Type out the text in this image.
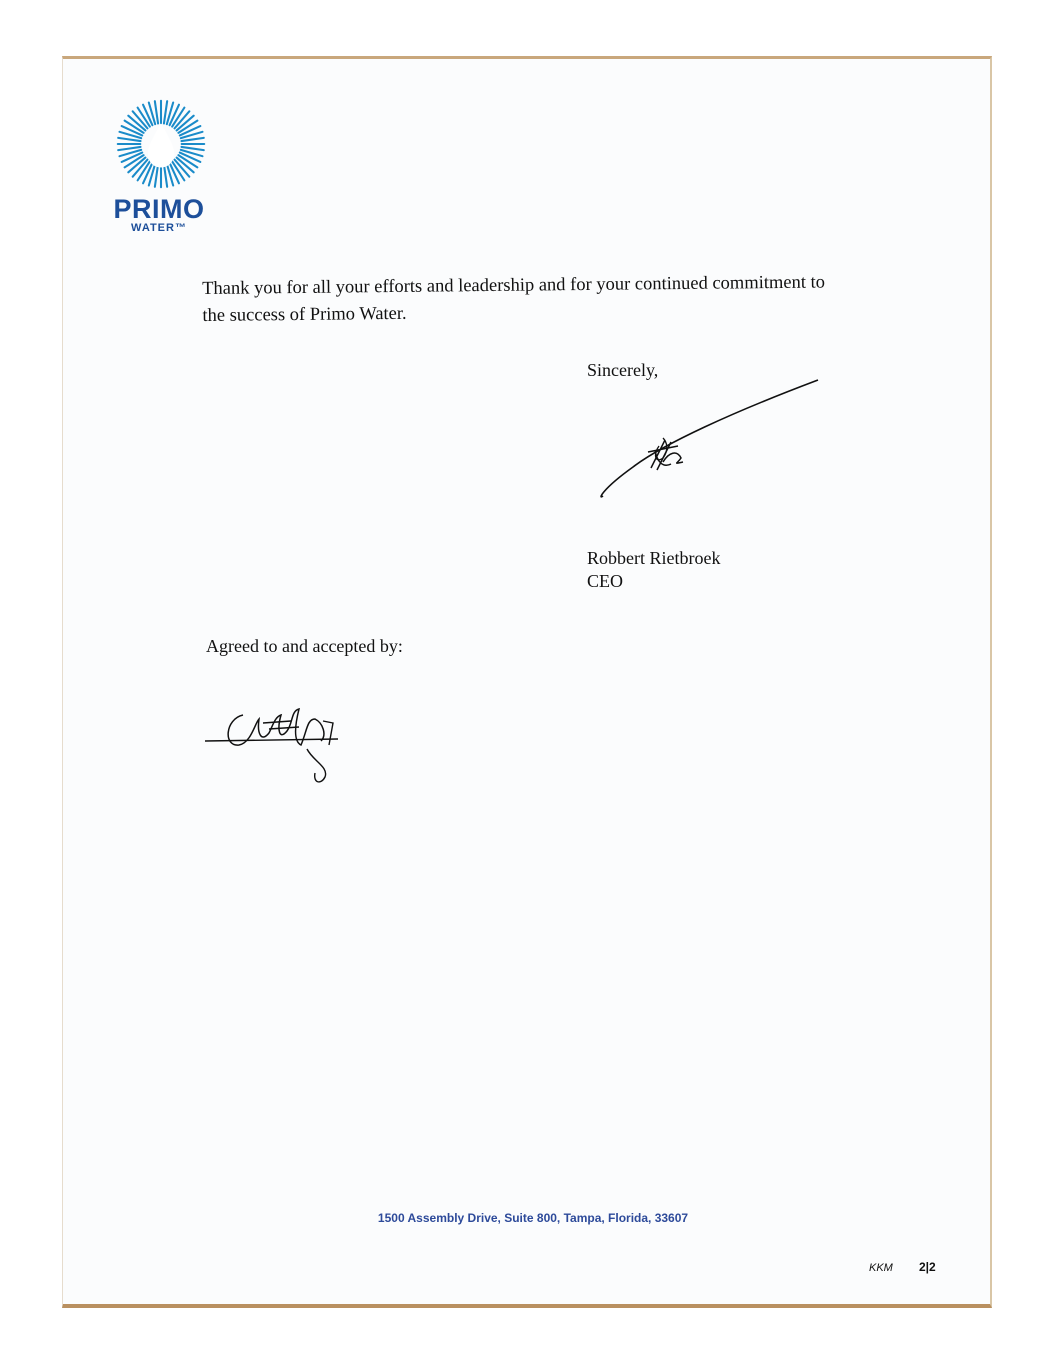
PRIMO
WATER™
Thank you for all your efforts and leadership and for your continued commitment to
the success of Primo Water.
Sincerely,
Robbert Rietbroek
CEO
Agreed to and accepted by:
1500 Assembly Drive, Suite 800, Tampa, Florida, 33607
KKM 2|2
